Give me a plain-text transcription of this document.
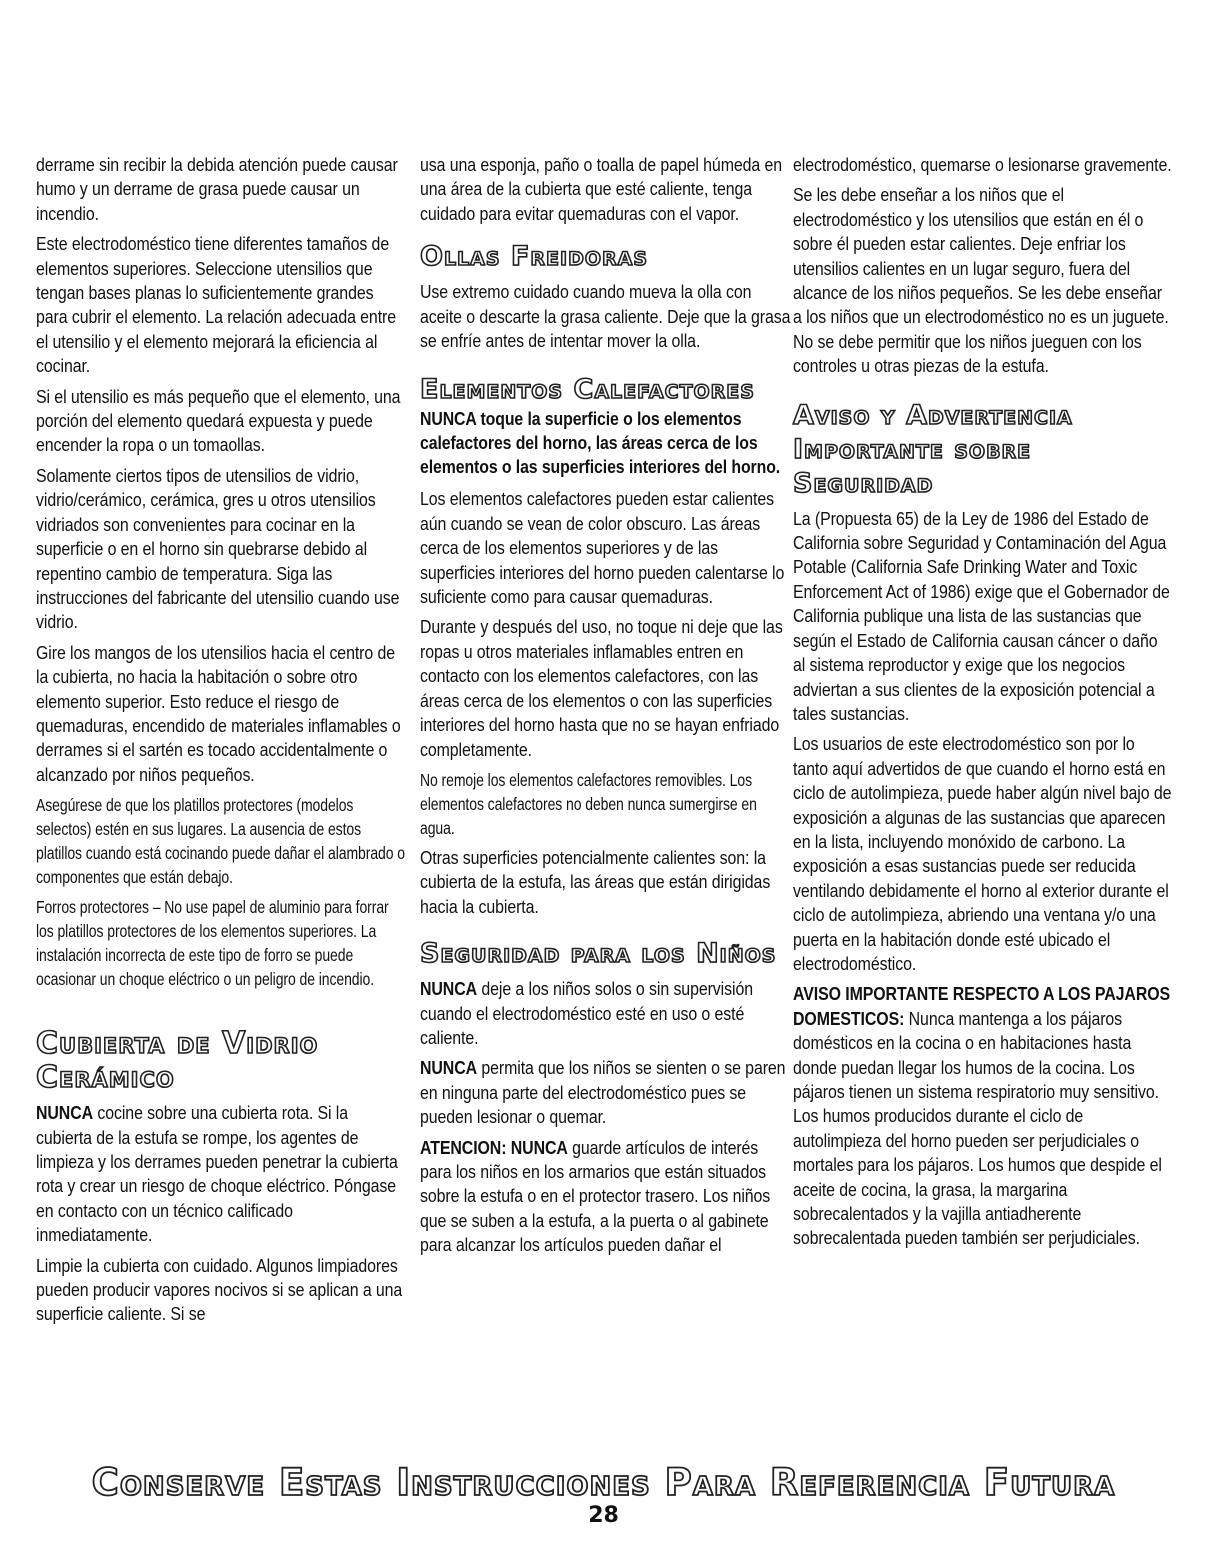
derrame sin recibir la debida atención puede causar humo y un derrame de grasa puede causar un incendio.

Este electrodoméstico tiene diferentes tamaños de elementos superiores. Seleccione utensilios que tengan bases planas lo suficientemente grandes para cubrir el elemento. La relación adecuada entre el utensilio y el elemento mejorará la eficiencia al cocinar.

Si el utensilio es más pequeño que el elemento, una porción del elemento quedará expuesta y puede encender la ropa o un tomaollas.

Solamente ciertos tipos de utensilios de vidrio, vidrio/cerámico, cerámica, gres u otros utensilios vidriados son convenientes para cocinar en la superficie o en el horno sin quebrarse debido al repentino cambio de temperatura. Siga las instrucciones del fabricante del utensilio cuando use vidrio.

Gire los mangos de los utensilios hacia el centro de la cubierta, no hacia la habitación o sobre otro elemento superior. Esto reduce el riesgo de quemaduras, encendido de materiales inflamables o derrames si el sartén es tocado accidentalmente o alcanzado por niños pequeños.

Asegúrese de que los platillos protectores (modelos selectos) estén en sus lugares. La ausencia de estos platillos cuando está cocinando puede dañar el alambrado o componentes que están debajo.

Forros protectores – No use papel de aluminio para forrar los platillos protectores de los elementos superiores. La instalación incorrecta de este tipo de forro se puede ocasionar un choque eléctrico o un peligro de incendio.

Cubierta de Vidrio Cerámico

NUNCA cocine sobre una cubierta rota. Si la cubierta de la estufa se rompe, los agentes de limpieza y los derrames pueden penetrar la cubierta rota y crear un riesgo de choque eléctrico. Póngase en contacto con un técnico calificado inmediatamente.

Limpie la cubierta con cuidado. Algunos limpiadores pueden producir vapores nocivos si se aplican a una superficie caliente. Si se

usa una esponja, paño o toalla de papel húmeda en una área de la cubierta que esté caliente, tenga cuidado para evitar quemaduras con el vapor.

Ollas Freidoras

Use extremo cuidado cuando mueva la olla con aceite o descarte la grasa caliente. Deje que la grasa se enfríe antes de intentar mover la olla.

Elementos Calefactores

NUNCA toque la superficie o los elementos calefactores del horno, las áreas cerca de los elementos o las superficies interiores del horno.

Los elementos calefactores pueden estar calientes aún cuando se vean de color obscuro. Las áreas cerca de los elementos superiores y de las superficies interiores del horno pueden calentarse lo suficiente como para causar quemaduras.

Durante y después del uso, no toque ni deje que las ropas u otros materiales inflamables entren en contacto con los elementos calefactores, con las áreas cerca de los elementos o con las superficies interiores del horno hasta que no se hayan enfriado completamente.

No remoje los elementos calefactores removibles. Los elementos calefactores no deben nunca sumergirse en agua.

Otras superficies potencialmente calientes son: la cubierta de la estufa, las áreas que están dirigidas hacia la cubierta.

Seguridad para los Niños

NUNCA deje a los niños solos o sin supervisión cuando el electrodoméstico esté en uso o esté caliente.

NUNCA permita que los niños se sienten o se paren en ninguna parte del electrodoméstico pues se pueden lesionar o quemar.

ATENCION: NUNCA guarde artículos de interés para los niños en los armarios que están situados sobre la estufa o en el protector trasero. Los niños que se suben a la estufa, a la puerta o al gabinete para alcanzar los artículos pueden dañar el

electrodoméstico, quemarse o lesionarse gravemente.

Se les debe enseñar a los niños que el electrodoméstico y los utensilios que están en él o sobre él pueden estar calientes. Deje enfriar los utensilios calientes en un lugar seguro, fuera del alcance de los niños pequeños. Se les debe enseñar a los niños que un electrodoméstico no es un juguete. No se debe permitir que los niños jueguen con los controles u otras piezas de la estufa.

Aviso y Advertencia Importante sobre Seguridad

La (Propuesta 65) de la Ley de 1986 del Estado de California sobre Seguridad y Contaminación del Agua Potable (California Safe Drinking Water and Toxic Enforcement Act of 1986) exige que el Gobernador de California publique una lista de las sustancias que según el Estado de California causan cáncer o daño al sistema reproductor y exige que los negocios adviertan a sus clientes de la exposición potencial a tales sustancias.

Los usuarios de este electrodoméstico son por lo tanto aquí advertidos de que cuando el horno está en ciclo de autolimpieza, puede haber algún nivel bajo de exposición a algunas de las sustancias que aparecen en la lista, incluyendo monóxido de carbono. La exposición a esas sustancias puede ser reducida ventilando debidamente el horno al exterior durante el ciclo de autolimpieza, abriendo una ventana y/o una puerta en la habitación donde esté ubicado el electrodoméstico.

AVISO IMPORTANTE RESPECTO A LOS PAJAROS DOMESTICOS: Nunca mantenga a los pájaros domésticos en la cocina o en habitaciones hasta donde puedan llegar los humos de la cocina. Los pájaros tienen un sistema respiratorio muy sensitivo. Los humos producidos durante el ciclo de autolimpieza del horno pueden ser perjudiciales o mortales para los pájaros. Los humos que despide el aceite de cocina, la grasa, la margarina sobrecalentados y la vajilla antiadherente sobrecalentada pueden también ser perjudiciales.

Conserve Estas Instrucciones Para Referencia Futura
28
